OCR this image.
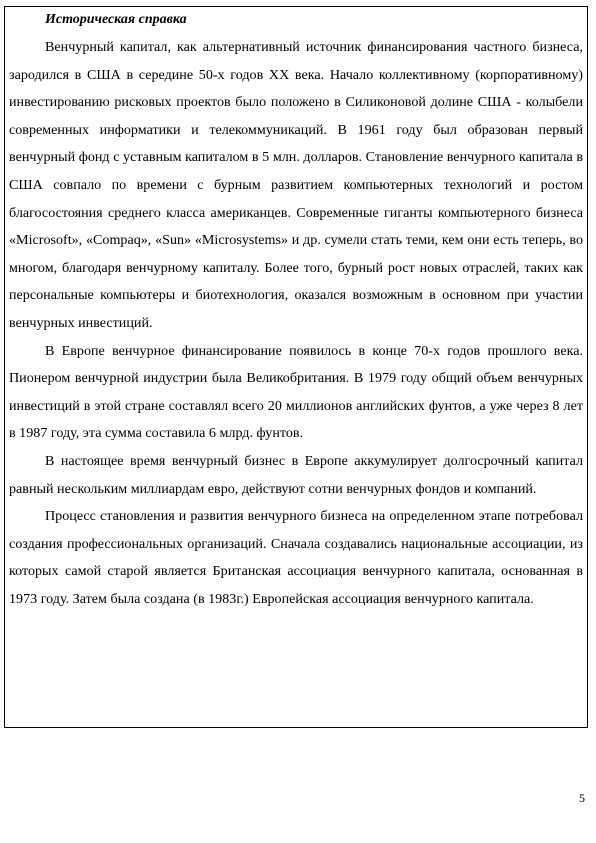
Историческая справка

Венчурный капитал, как альтернативный источник финансирования частного бизнеса, зародился в США в середине 50-х годов XX века. Начало коллективному (корпоративному) инвестированию рисковых проектов было положено в Силиконовой долине США - колыбели современных информатики и телекоммуникаций. В 1961 году был образован первый венчурный фонд с уставным капиталом в 5 млн. долларов. Становление венчурного капитала в США совпало по времени с бурным развитием компьютерных технологий и ростом благосостояния среднего класса американцев. Современные гиганты компьютерного бизнеса «Microsoft», «Compaq», «Sun» «Microsystems» и др. сумели стать теми, кем они есть теперь, во многом, благодаря венчурному капиталу. Более того, бурный рост новых отраслей, таких как персональные компьютеры и биотехнология, оказался возможным в основном при участии венчурных инвестиций.

В Европе венчурное финансирование появилось в конце 70-х годов прошлого века. Пионером венчурной индустрии была Великобритания. В 1979 году общий объем венчурных инвестиций в этой стране составлял всего 20 миллионов английских фунтов, а уже через 8 лет в 1987 году, эта сумма составила 6 млрд. фунтов.

В настоящее время венчурный бизнес в Европе аккумулирует долгосрочный капитал равный нескольким миллиардам евро, действуют сотни венчурных фондов и компаний.

Процесс становления и развития венчурного бизнеса на определенном этапе потребовал создания профессиональных организаций. Сначала создавались национальные ассоциации, из которых самой старой является Британская ассоциация венчурного капитала, основанная в 1973 году. Затем была создана (в 1983г.) Европейская ассоциация венчурного капитала.

5
